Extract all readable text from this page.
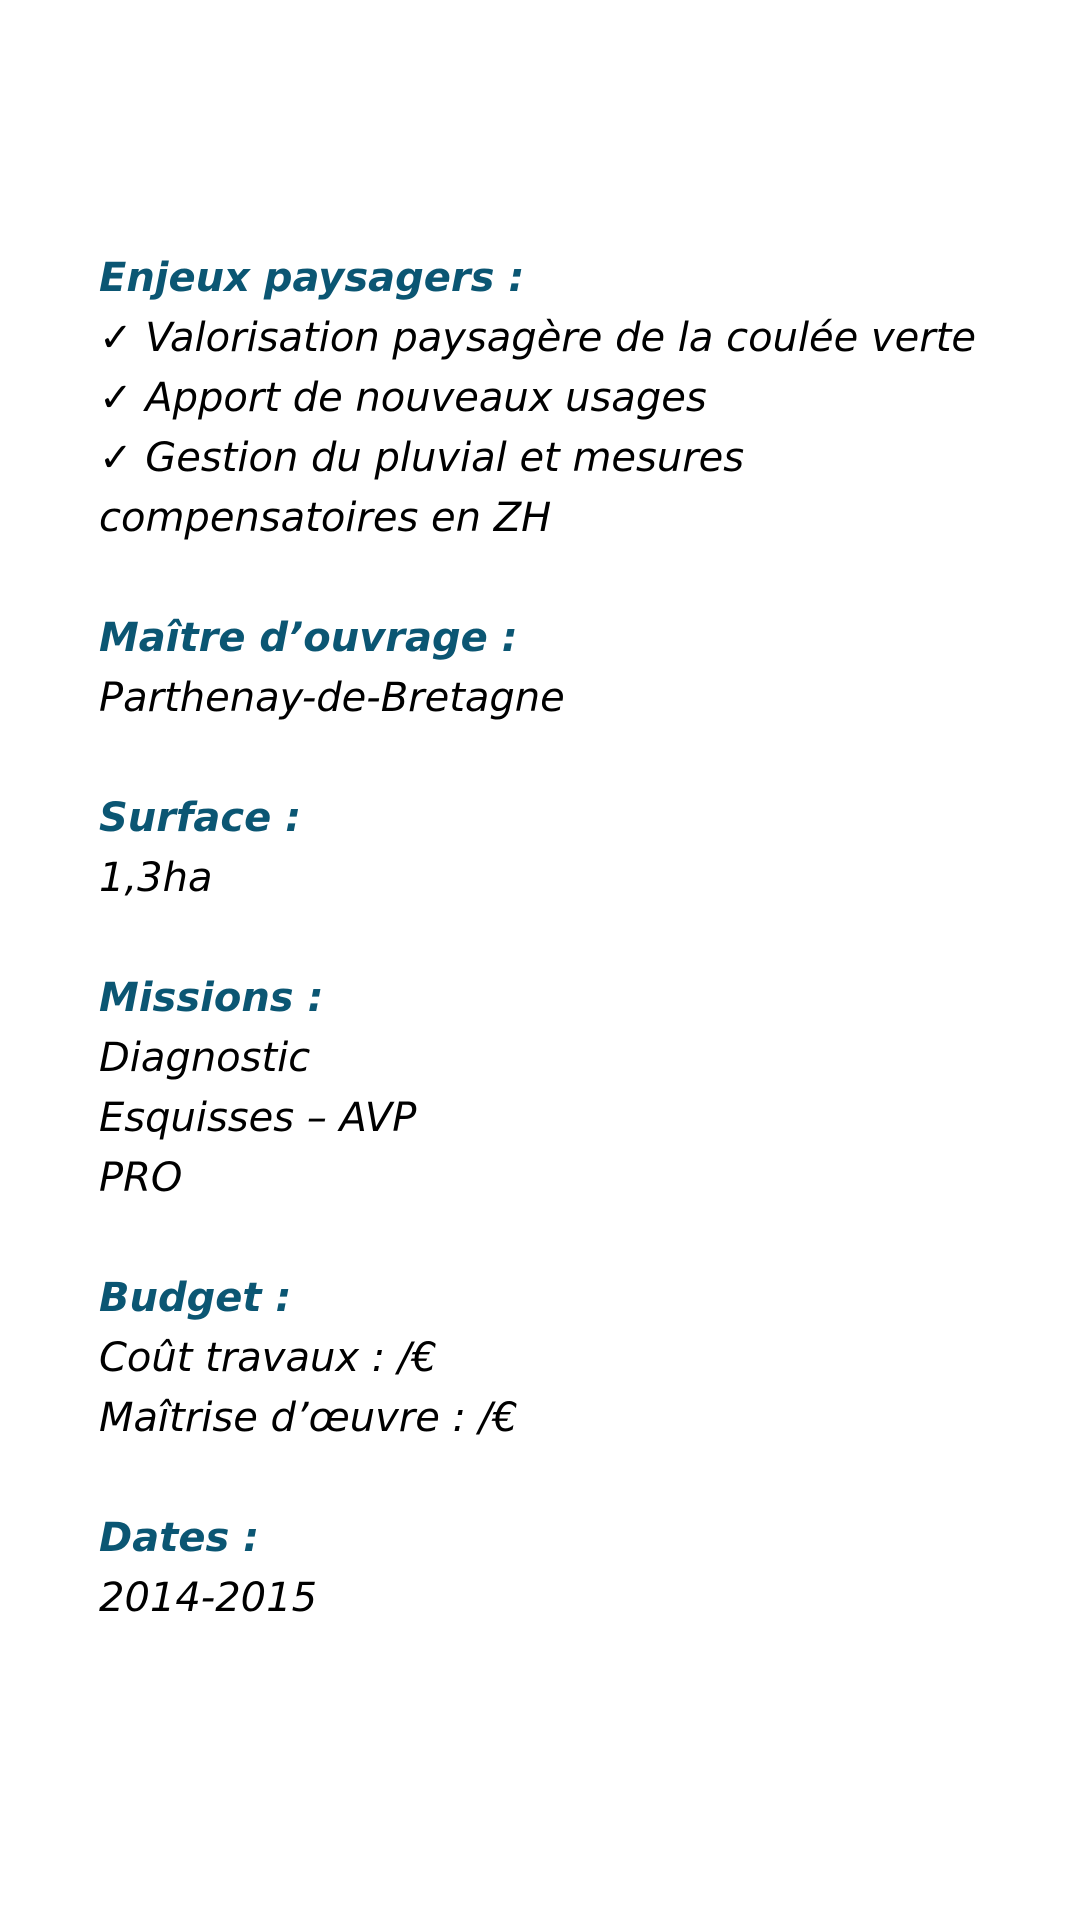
Enjeux paysagers :
✓ Valorisation paysagère de la coulée verte
✓ Apport de nouveaux usages
✓ Gestion du pluvial et mesures compensatoires en ZH
Maître d’ouvrage :
Parthenay-de-Bretagne
Surface :
1,3ha
Missions :
Diagnostic
Esquisses – AVP
PRO
Budget :
Coût travaux : /€
Maîtrise d’œuvre : /€
Dates :
2014-2015
